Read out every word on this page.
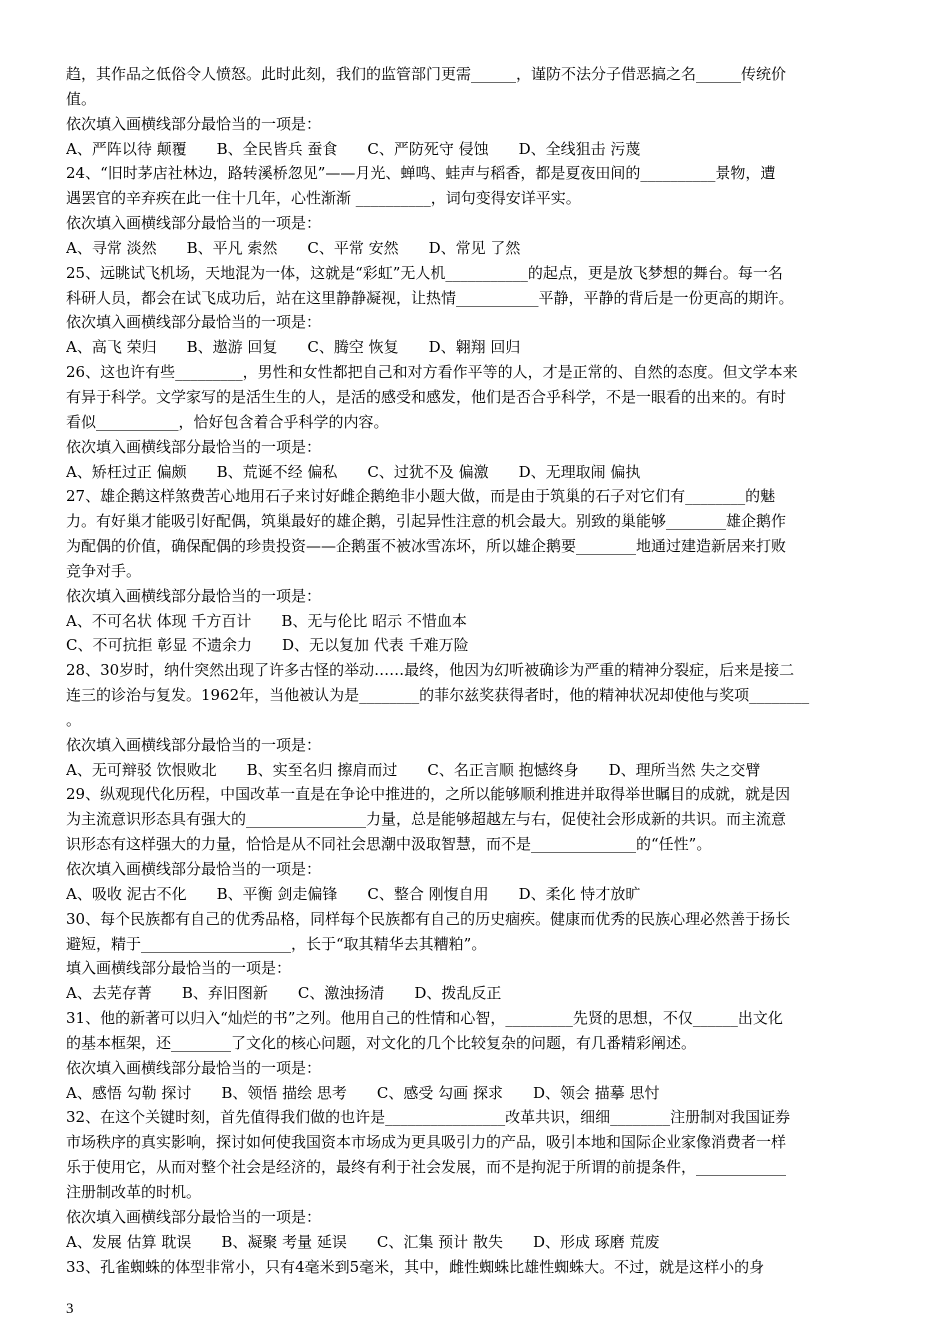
趋，其作品之低俗令人愤怒。此时此刻，我们的监管部门更需______，谨防不法分子借恶搞之名______传统价
值。
依次填入画横线部分最恰当的一项是：
A、严阵以待 颠覆　　B、全民皆兵 蚕食　　C、严防死守 侵蚀　　D、全线狙击 污蔑
24、“旧时茅店社林边，路转溪桥忽见”——月光、蝉鸣、蛙声与稻香，都是夏夜田间的__________景物，遭
遇罢官的辛弃疾在此一住十几年，心性渐渐 __________，词句变得安详平实。
依次填入画横线部分最恰当的一项是：
A、寻常 淡然　　B、平凡 索然　　C、平常 安然　　D、常见 了然
25、远眺试飞机场，天地混为一体，这就是“彩虹”无人机___________的起点，更是放飞梦想的舞台。每一名
科研人员，都会在试飞成功后，站在这里静静凝视，让热情___________平静，平静的背后是一份更高的期许。
依次填入画横线部分最恰当的一项是：
A、高飞 荣归　　B、遨游 回复　　C、腾空 恢复　　D、翱翔 回归
26、这也许有些_________，男性和女性都把自己和对方看作平等的人，才是正常的、自然的态度。但文学本来
有异于科学。文学家写的是活生生的人，是活的感受和感发，他们是否合乎科学，不是一眼看的出来的。有时
看似___________，恰好包含着合乎科学的内容。
依次填入画横线部分最恰当的一项是：
A、矫枉过正 偏颇　　B、荒诞不经 偏私　　C、过犹不及 偏激　　D、无理取闹 偏执
27、雄企鹅这样煞费苦心地用石子来讨好雌企鹅绝非小题大做，而是由于筑巢的石子对它们有________的魅
力。有好巢才能吸引好配偶，筑巢最好的雄企鹅，引起异性注意的机会最大。别致的巢能够________雄企鹅作
为配偶的价值，确保配偶的珍贵投资——企鹅蛋不被冰雪冻坏，所以雄企鹅要________地通过建造新居来打败
竞争对手。
依次填入画横线部分最恰当的一项是：
A、不可名状 体现 千方百计　　B、无与伦比 昭示 不惜血本
C、不可抗拒 彰显 不遗余力　　D、无以复加 代表 千难万险
28、30岁时，纳什突然出现了许多古怪的举动……最终，他因为幻听被确诊为严重的精神分裂症，后来是接二
连三的诊治与复发。1962年，当他被认为是________的菲尔兹奖获得者时，他的精神状况却使他与奖项________
。
依次填入画横线部分最恰当的一项是：
A、无可辩驳 饮恨败北　　B、实至名归 擦肩而过　　C、名正言顺 抱憾终身　　D、理所当然 失之交臂
29、纵观现代化历程，中国改革一直是在争论中推进的，之所以能够顺利推进并取得举世瞩目的成就，就是因
为主流意识形态具有强大的________________力量，总是能够超越左与右，促使社会形成新的共识。而主流意
识形态有这样强大的力量，恰恰是从不同社会思潮中汲取智慧，而不是______________的“任性”。
依次填入画横线部分最恰当的一项是：
A、吸收 泥古不化　　B、平衡 剑走偏锋　　C、整合 刚愎自用　　D、柔化 恃才放旷
30、每个民族都有自己的优秀品格，同样每个民族都有自己的历史痼疾。健康而优秀的民族心理必然善于扬长
避短，精于____________________，长于“取其精华去其糟粕”。
填入画横线部分最恰当的一项是：
A、去芜存菁　　B、弃旧图新　　C、激浊扬清　　D、拨乱反正
31、他的新著可以归入“灿烂的书”之列。他用自己的性情和心智，_________先贤的思想，不仅______出文化
的基本框架，还________了文化的核心问题，对文化的几个比较复杂的问题，有几番精彩阐述。
依次填入画横线部分最恰当的一项是：
A、感悟 勾勒 探讨　　B、领悟 描绘 思考　　C、感受 勾画 探求　　D、领会 描摹 思忖
32、在这个关键时刻，首先值得我们做的也许是________________改革共识，细细________注册制对我国证券
市场秩序的真实影响，探讨如何使我国资本市场成为更具吸引力的产品，吸引本地和国际企业家像消费者一样
乐于使用它，从而对整个社会是经济的，最终有利于社会发展，而不是拘泥于所谓的前提条件，____________
注册制改革的时机。
依次填入画横线部分最恰当的一项是：
A、发展 估算 耽误　　B、凝聚 考量 延误　　C、汇集 预计 散失　　D、形成 琢磨 荒废
33、孔雀蜘蛛的体型非常小，只有4毫米到5毫米，其中，雌性蜘蛛比雄性蜘蛛大。不过，就是这样小的身
3
